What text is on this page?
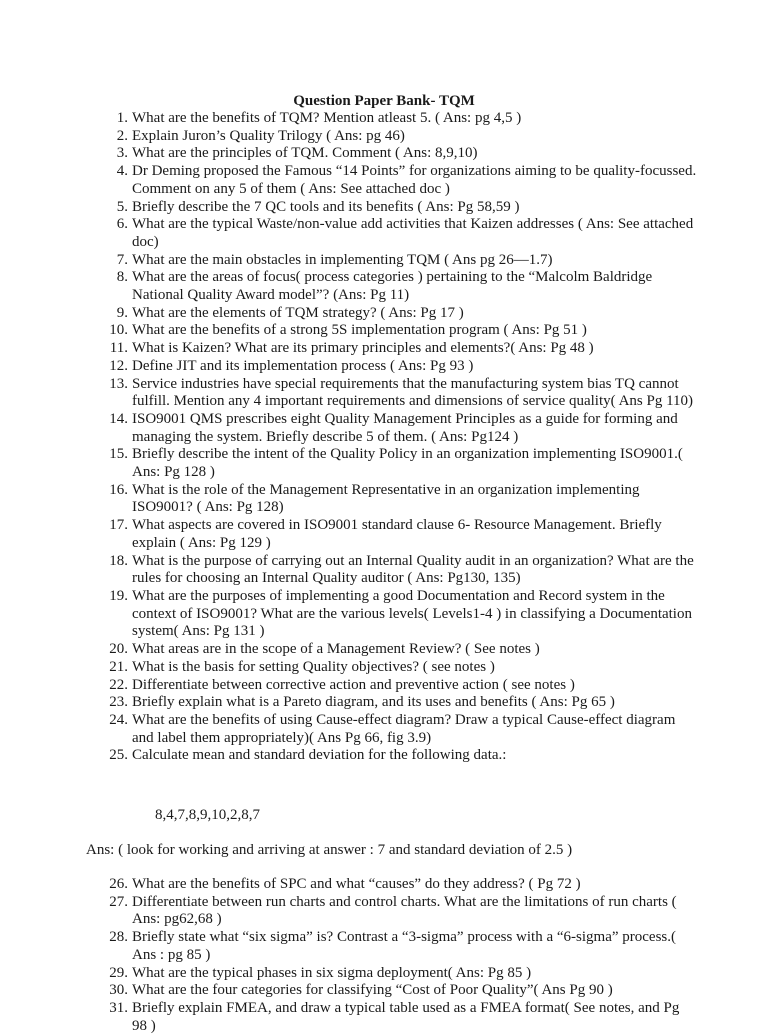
Question Paper Bank- TQM
1. What are the benefits of TQM? Mention atleast 5. ( Ans: pg 4,5 )
2. Explain Juron’s Quality Trilogy ( Ans: pg 46)
3. What are the principles of TQM. Comment ( Ans: 8,9,10)
4. Dr Deming proposed the Famous “14 Points” for organizations aiming to be quality-focussed. Comment on any 5 of them ( Ans: See attached doc )
5. Briefly describe the 7 QC tools and its benefits ( Ans: Pg 58,59 )
6. What are the typical Waste/non-value add activities that Kaizen addresses ( Ans: See attached doc)
7. What are the main obstacles in implementing TQM ( Ans pg 26—1.7)
8. What are the areas of focus( process categories ) pertaining to the “Malcolm Baldridge National Quality Award model”? (Ans: Pg 11)
9. What are the elements of TQM strategy? ( Ans: Pg 17 )
10. What are the benefits of a strong 5S implementation program ( Ans: Pg 51 )
11. What is Kaizen? What are its primary principles and elements?( Ans: Pg 48 )
12. Define JIT and its implementation process ( Ans: Pg 93 )
13. Service industries have special requirements that the manufacturing system bias TQ cannot fulfill. Mention any 4 important requirements and dimensions of service quality( Ans Pg 110)
14. ISO9001 QMS prescribes eight Quality Management Principles as a guide for forming and managing the system. Briefly describe 5 of them. ( Ans: Pg124 )
15. Briefly describe the intent of the Quality Policy in an organization implementing ISO9001.( Ans: Pg 128 )
16. What is the role of the Management Representative in an organization implementing ISO9001? ( Ans: Pg 128)
17. What aspects are covered in ISO9001 standard clause 6- Resource Management. Briefly explain ( Ans: Pg 129 )
18. What is the purpose of carrying out an Internal Quality audit in an organization? What are the rules for choosing an Internal Quality auditor ( Ans: Pg130, 135)
19. What are the purposes of implementing a good Documentation and Record system in the context of ISO9001? What are the various levels( Levels1-4 ) in classifying a Documentation system( Ans: Pg 131 )
20. What areas are in the scope of a Management Review? ( See notes )
21. What is the basis for setting Quality objectives? ( see notes )
22. Differentiate between corrective action and preventive action ( see notes )
23. Briefly explain what is a Pareto diagram, and its uses and benefits ( Ans: Pg 65 )
24. What are the benefits of using Cause-effect diagram? Draw a typical Cause-effect diagram and label them appropriately)( Ans Pg 66, fig 3.9)
25. Calculate mean and standard deviation for the following data.:
8,4,7,8,9,10,2,8,7
Ans: ( look for working and arriving at answer : 7 and standard deviation of 2.5 )
26. What are the benefits of SPC and what “causes” do they address? ( Pg 72 )
27. Differentiate between run charts and control charts. What are the limitations of run charts ( Ans: pg62,68 )
28. Briefly state what “six sigma” is? Contrast a “3-sigma” process with a “6-sigma” process.( Ans : pg 85 )
29. What are the typical phases in six sigma deployment( Ans: Pg 85 )
30. What are the four categories for classifying “Cost of Poor Quality”( Ans Pg 90 )
31. Briefly explain FMEA, and draw a typical table used as a FMEA format( See notes, and Pg 98 )
